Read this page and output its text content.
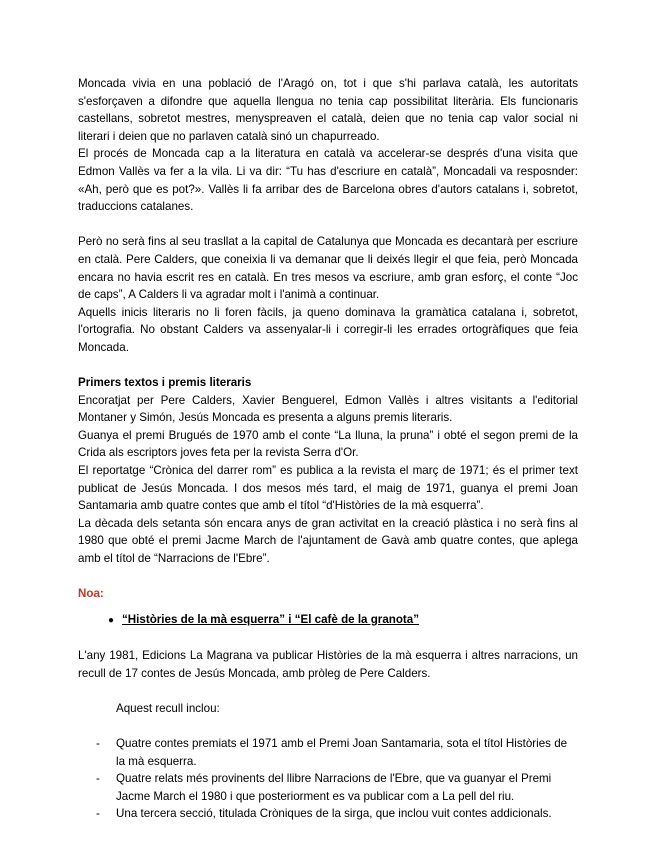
Moncada vivia en una població de l'Aragó on, tot i que s'hi parlava català, les autoritats s'esforçaven a difondre que aquella llengua no tenia cap possibilitat literària. Els funcionaris castellans, sobretot mestres, menyspreaven el català, deien que no tenia cap valor social ni literari i deien que no parlaven català sinó un chapurreado.

El procés de Moncada cap a la literatura en català va accelerar-se després d'una visita que Edmon Vallès va fer a la vila. Li va dir: “Tu has d'escriure en català”, Moncadali va resposnder: «Ah, però que es pot?». Vallès li fa arribar des de Barcelona obres d'autors catalans i, sobretot, traduccions catalanes.

Però no serà fins al seu trasllat a la capital de Catalunya que Moncada es decantarà per escriure en ctalà. Pere Calders, que coneixia li va demanar que li deixés llegir el que feia, però Moncada encara no havia escrit res en català. En tres mesos va escriure, amb gran esforç, el conte “Joc de caps”, A Calders li va agradar molt i l'animà a continuar.

Aquells inicis literaris no li foren fàcils, ja queno dominava la gramàtica catalana i, sobretot, l'ortografia. No obstant Calders va assenyalar-li i corregir-li les errades ortogràfiques que feia Moncada.

Primers textos i premis literaris

Encoratjat per Pere Calders, Xavier Benguerel, Edmon Vallès i altres visitants a l'editorial Montaner y Simón, Jesús Moncada es presenta a alguns premis literaris.

Guanya el premi Brugués de 1970 amb el conte “La lluna, la pruna” i obté el segon premi de la Crida als escriptors joves feta per la revista Serra d'Or.

El reportatge “Crònica del darrer rom” es publica a la revista el març de 1971; és el primer text publicat de Jesús Moncada. I dos mesos més tard, el maig de 1971, guanya el premi Joan Santamaria amb quatre contes que amb el títol “d'Històries de la mà esquerra”.

La dècada dels setanta són encara anys de gran activitat en la creació plàstica i no serà fins al 1980 que obté el premi Jacme March de l'ajuntament de Gavà amb quatre contes, que aplega amb el títol de “Narracions de l'Ebre”.

Noa:

● “Històries de la mà esquerra” i “El cafè de la granota”

L'any 1981, Edicions La Magrana va publicar Històries de la mà esquerra i altres narracions, un recull de 17 contes de Jesús Moncada, amb pròleg de Pere Calders.

Aquest recull inclou:

-	Quatre contes premiats el 1971 amb el Premi Joan Santamaria, sota el títol Històries de la mà esquerra.
-	Quatre relats més provinents del llibre Narracions de l'Ebre, que va guanyar el Premi Jacme March el 1980 i que posteriorment es va publicar com a La pell del riu.
-	Una tercera secció, titulada Cròniques de la sirga, que inclou vuit contes addicionals.
